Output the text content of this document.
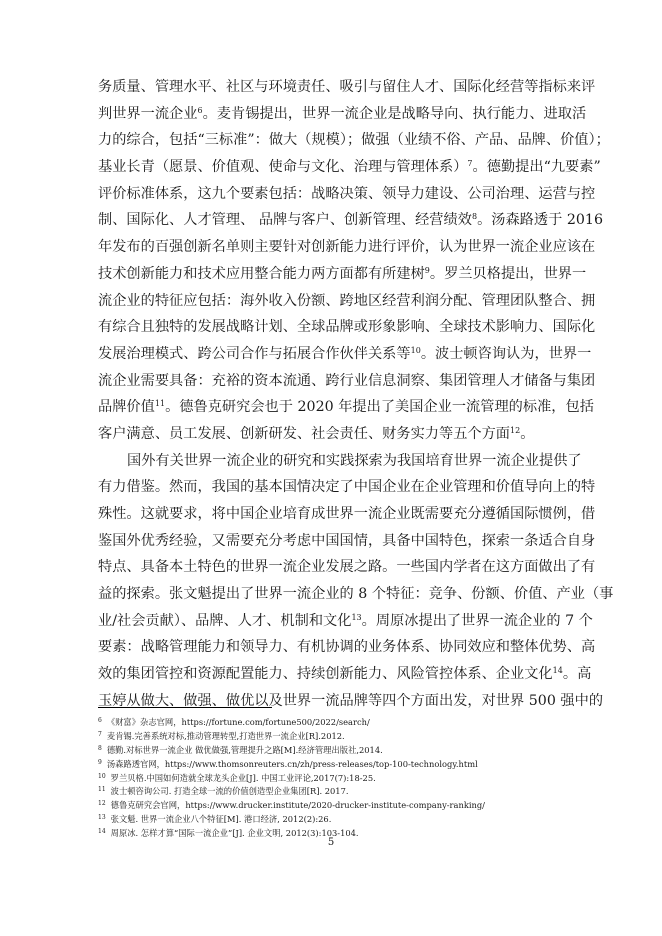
务质量、管理水平、社区与环境责任、吸引与留住人才、国际化经营等指标来评
判世界一流企业$^6$。麦肯锡提出，世界一流企业是战略导向、执行能力、进取活
力的综合，包括“三标准”：做大（规模）；做强（业绩不俗、产品、品牌、价值）；
基业长青（愿景、价值观、使命与文化、治理与管理体系）$^7$。德勤提出“九要素”
评价标准体系，这九个要素包括：战略决策、领导力建设、公司治理、运营与控
制、国际化、人才管理、 品牌与客户、创新管理、经营绩效$^8$。汤森路透于 2016
年发布的百强创新名单则主要针对创新能力进行评价，认为世界一流企业应该在
技术创新能力和技术应用整合能力两方面都有所建树$^9$。罗兰贝格提出，世界一
流企业的特征应包括：海外收入份额、跨地区经营利润分配、管理团队整合、拥
有综合且独特的发展战略计划、全球品牌或形象影响、全球技术影响力、国际化
发展治理模式、跨公司合作与拓展合作伙伴关系等$^{10}$。波士顿咨询认为，世界一
流企业需要具备：充裕的资本流通、跨行业信息洞察、集团管理人才储备与集团
品牌价值$^{11}$。德鲁克研究会也于 2020 年提出了美国企业一流管理的标准，包括
客户满意、员工发展、创新研发、社会责任、财务实力等五个方面$^{12}$。
国外有关世界一流企业的研究和实践探索为我国培育世界一流企业提供了
有力借鉴。然而，我国的基本国情决定了中国企业在企业管理和价值导向上的特
殊性。这就要求，将中国企业培育成世界一流企业既需要充分遵循国际惯例，借
鉴国外优秀经验，又需要充分考虑中国国情，具备中国特色，探索一条适合自身
特点、具备本土特色的世界一流企业发展之路。一些国内学者在这方面做出了有
益的探索。张文魁提出了世界一流企业的 8 个特征：竞争、份额、价值、产业（事
业/社会贡献）、品牌、人才、机制和文化$^{13}$。周原冰提出了世界一流企业的 7 个
要素：战略管理能力和领导力、有机协调的业务体系、协同效应和整体优势、高
效的集团管控和资源配置能力、持续创新能力、风险管控体系、企业文化$^{14}$。高
玉婷从做大、做强、做优以及世界一流品牌等四个方面出发，对世界 500 强中的
$^6$ 《财富》杂志官网，https://fortune.com/fortune500/2022/search/
$^7$ 麦肯锡.完善系统对标,推动管理转型,打造世界一流企业[R].2012.
$^8$ 德勤.对标世界一流企业 做优做强,管理提升之路[M].经济管理出版社,2014.
$^9$ 汤森路透官网，https://www.thomsonreuters.cn/zh/press-releases/top-100-technology.html
$^{10}$ 罗兰贝格.中国如何造就全球龙头企业[J]. 中国工业评论,2017(7):18-25.
$^{11}$ 波士顿咨询公司. 打造全球一流的价值创造型企业集团[R]. 2017.
$^{12}$ 德鲁克研究会官网，https://www.drucker.institute/2020-drucker-institute-company-ranking/
$^{13}$ 张文魁. 世界一流企业八个特征[M]. 港口经济, 2012(2):26.
$^{14}$ 周原冰. 怎样才算“国际一流企业”[J]. 企业文明, 2012(3):103-104.
5
